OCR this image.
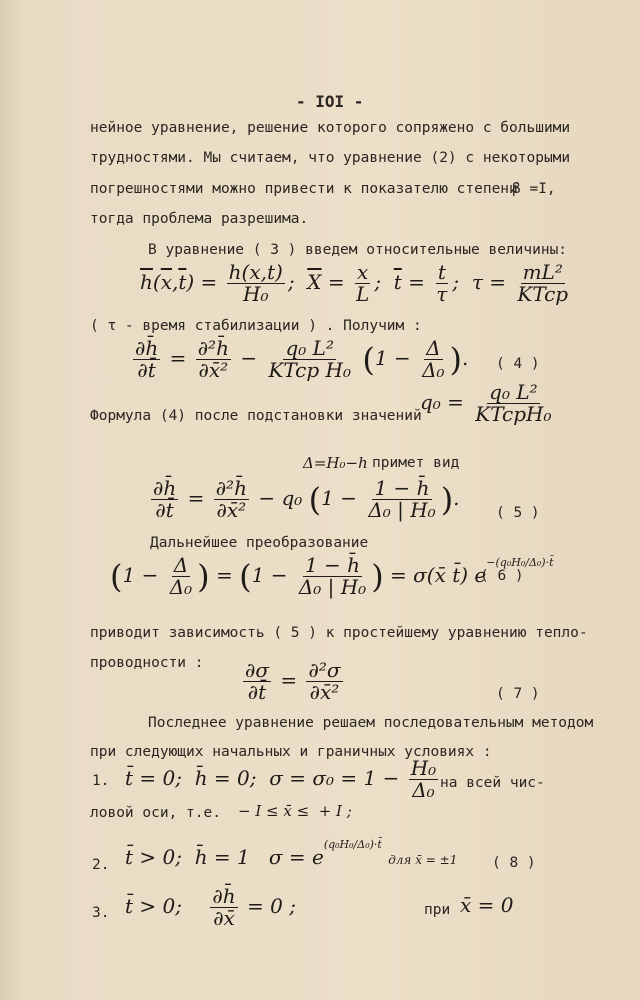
- IOI -
нейное уравнение, решение которого сопряжено с большими
трудностями. Мы считаем, что уравнение (2) с некоторыми
погрешностями можно привести к показателю степени
β =I,
тогда проблема разрешима.
В уравнение ( 3 ) введем относительные величины:
$\overline{h}(\overline{x},\overline{t}) = \frac{h(x,t)}{\text{H₀}}$ ;  $\overline{X} = \frac{x}{L}$ ;  $\overline{t} = \frac{t}{\tau}$ ;  $\tau = \frac{\text{mL²}}{\text{KTcp}}$
( τ - время стабилизации ) . Получим :
$\frac{\partial h̄}{\partial t̄} = \frac{\text{∂²h̄}}{\text{∂x̄²}} - \frac{\text{q₀ L²}}{\text{KTcp H₀}} (1 - \frac{\Delta}{\text{Δ₀}}$ ). ( 4 )
Формула (4) после подстановки значений
$q_0 = \frac{\text{q₀ L²}}{\text{KTcpH₀}}$
Δ=H₀−h примет вид
$\frac{\partial h̄}{\partial t̄} = \frac{\text{∂²h̄}}{\text{∂x̄²}} - q_0$ ($1 - \frac{1 - h̄}{\text{Δ₀ | H₀}}$ ).
( 5 )
Дальнейшее преобразование
($1 - \frac{\Delta}{\text{Δ₀}}$ ) = ($1 - \frac{1 - h̄}{\text{Δ₀ | H₀}}$ ) = σ(x̄ t̄) $e^{-(q_0H_0/\Delta_0)\cdot t̄}$
( 6 )
приводит зависимость ( 5 ) к простейшему уравнению тепло-
проводности : $\frac{\partial\sigma}{\partial t̄} = \frac{\text{∂²σ}}{\text{∂x̄²}}$	( 7 )
Последнее уравнение решаем последовательным методом
при следующих начальных и граничных условиях :
1. t̄ = 0;  h̄ = 0;  $\sigma = \sigma_0 = 1 - \frac{\text{H₀}}{\text{Δ₀}}$ на всей чис-
ловой оси, т.е. − I ≤ x̄ ≤  + I ;
2. t̄ > 0;  h̄ = 1   $\sigma = e^{(q_0H_0/\Delta_0)\cdot t̄}$ для x̄ = ±1 ( 8 )
3. t̄ > 0; $\frac{\partial h̄}{\partial x̄} = 0$ ;	при x̄ = 0
